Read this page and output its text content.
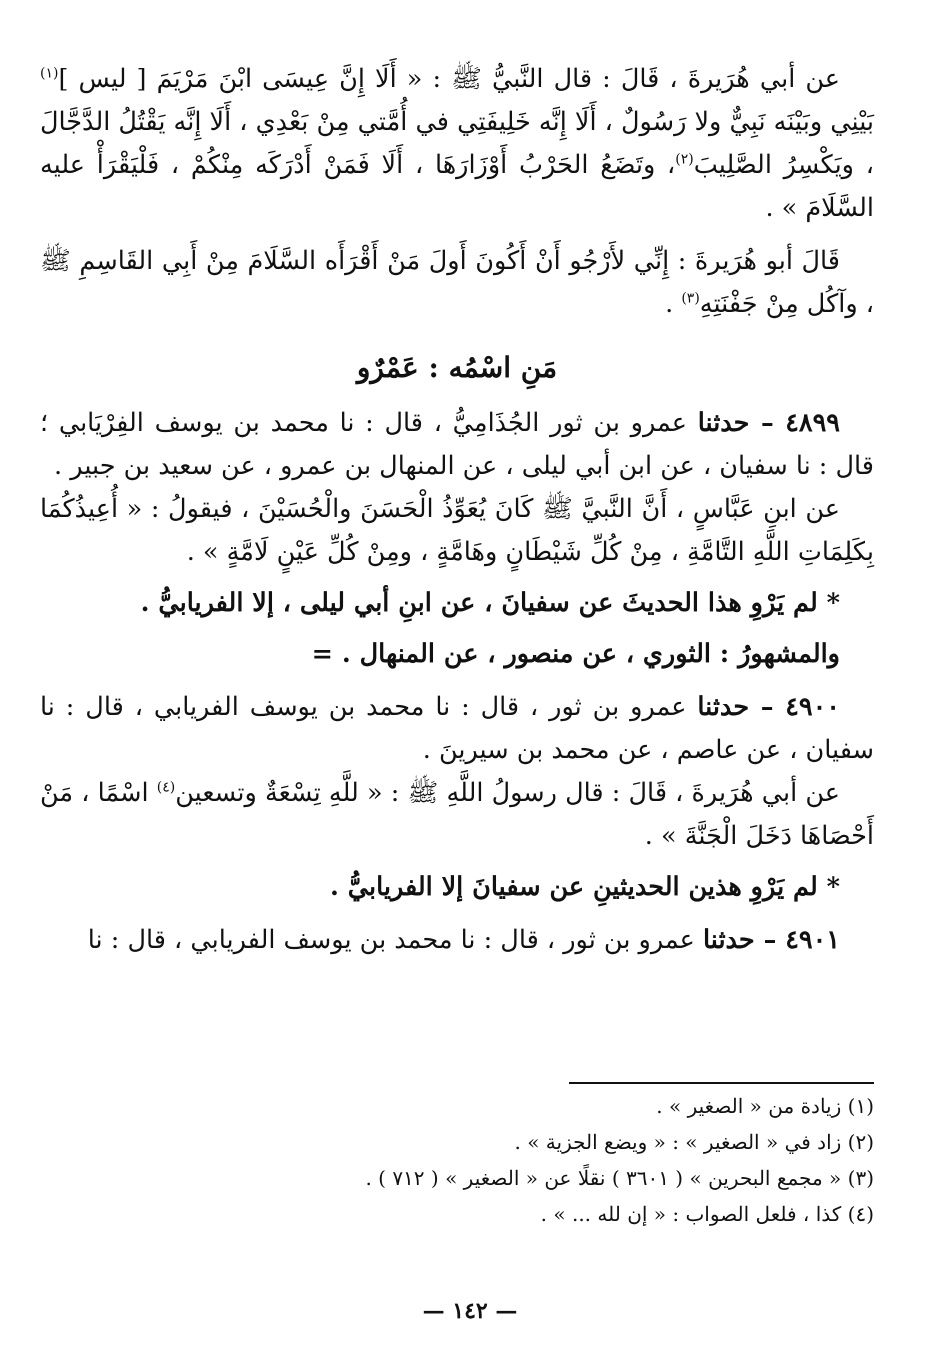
عن أبي هُرَيرةَ ، قَالَ : قال النَّبيُّ ﷺ : « أَلَا إِنَّ عِيسَى ابْنَ مَرْيَمَ [ ليس ]$^{(١)}$ بَيْنِي وبَيْنَه نَبِيٌّ ولا رَسُولٌ ، أَلَا إِنَّه خَلِيفَتِي في أُمَّتي مِنْ بَعْدِي ، أَلَا إِنَّه يَقْتُلُ الدَّجَّالَ ، ويَكْسِرُ الصَّلِيبَ$^{(٢)}$، وتَضَعُ الحَرْبُ أَوْزَارَهَا ، أَلَا فَمَنْ أَدْرَكَه مِنْكُمْ ، فَلْيَقْرَأْ عليه السَّلَامَ » .

قَالَ أبو هُرَيرةَ : إِنِّي لأَرْجُو أَنْ أَكُونَ أَولَ مَنْ أَقْرَأَه السَّلَامَ مِنْ أَبِي القَاسِمِ ﷺ ، وآكُل مِنْ جَفْنَتِهِ$^{(٣)}$ .

مَنِ اسْمُه : عَمْرٌو

٤٨٩٩ – حدثنا عمرو بن ثور الجُذَامِيُّ ، قال : نا محمد بن يوسف الفِرْيَابي ؛ قال : نا سفيان ، عن ابن أبي ليلى ، عن المنهال بن عمرو ، عن سعيد بن جبير .

عن ابنِ عَبَّاسٍ ، أَنَّ النَّبيَّ ﷺ كَانَ يُعَوِّذُ الْحَسَنَ والْحُسَيْنَ ، فيقولُ : « أُعِيذُكُمَا بِكَلِمَاتِ اللَّهِ التَّامَّةِ ، مِنْ كُلِّ شَيْطَانٍ وهَامَّةٍ ، ومِنْ كُلِّ عَيْنٍ لَامَّةٍ » .

* لم يَرْوِ هذا الحديثَ عن سفيانَ ، عن ابنِ أبي ليلى ، إلا الفريابيُّ .

والمشهورُ : الثوري ، عن منصور ، عن المنهال . =

٤٩٠٠ – حدثنا عمرو بن ثور ، قال : نا محمد بن يوسف الفريابي ، قال : نا سفيان ، عن عاصم ، عن محمد بن سيرينَ .

عن أبي هُرَيرةَ ، قَالَ : قال رسولُ اللَّهِ ﷺ : « للَّهِ تِسْعَةٌ وتسعين$^{(٤)}$ اسْمًا ، مَنْ أَحْصَاهَا دَخَلَ الْجَنَّةَ » .

* لم يَرْوِ هذين الحديثينِ عن سفيانَ إلا الفريابيُّ .

٤٩٠١ – حدثنا عمرو بن ثور ، قال : نا محمد بن يوسف الفريابي ، قال : نا

(١) زيادة من « الصغير » .

(٢) زاد في « الصغير » : « ويضع الجزية » .

(٣) « مجمع البحرين » ( ٣٦٠١ ) نقلًا عن « الصغير » ( ٧١٢ ) .

(٤) كذا ، فلعل الصواب : « إن لله ... » .

— ١٤٢ —
